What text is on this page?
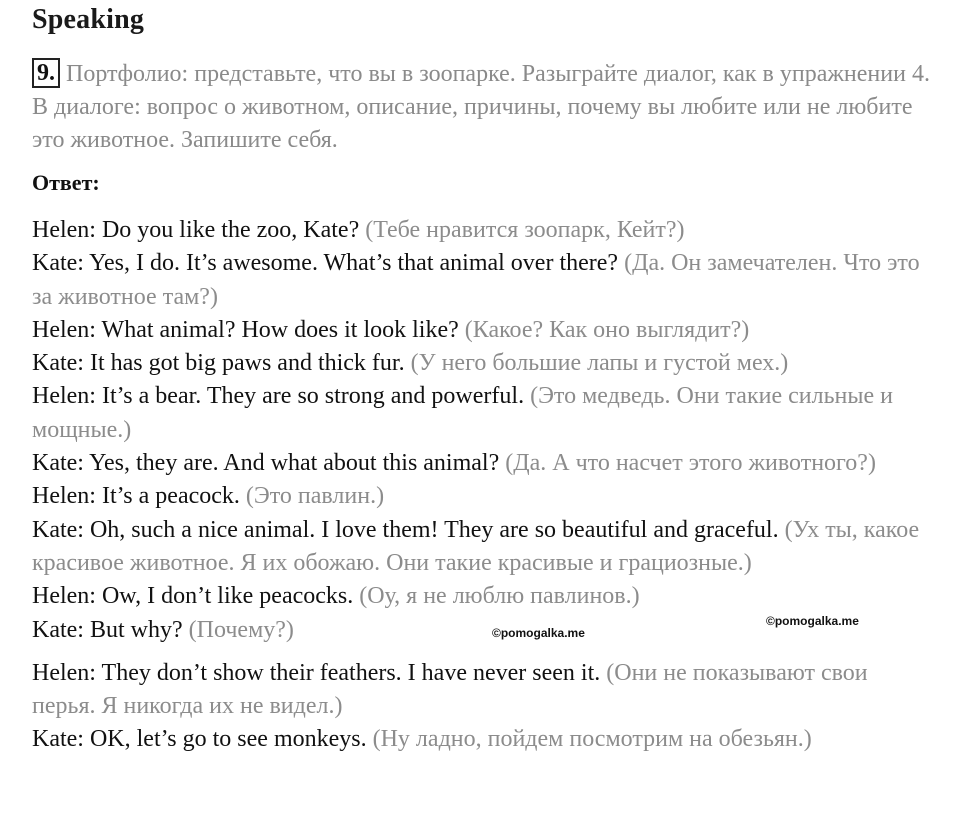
Speaking
9. Портфолио: представьте, что вы в зоопарке. Разыграйте диалог, как в упражнении 4. В диалоге: вопрос о животном, описание, причины, почему вы любите или не любите это животное. Запишите себя.
Ответ:

Helen: Do you like the zoo, Kate? (Тебе нравится зоопарк, Кейт?)

Kate: Yes, I do. It’s awesome. What’s that animal over there? (Да. Он замечателен. Что это за животное там?)

Helen: What animal? How does it look like? (Какое? Как оно выглядит?)

Kate: It has got big paws and thick fur. (У него большие лапы и густой мех.)

Helen: It’s a bear. They are so strong and powerful. (Это медведь. Они такие сильные и мощные.)

Kate: Yes, they are. And what about this animal? (Да. А что насчет этого животного?)

Helen: It’s a peacock. (Это павлин.)

Kate: Oh, such a nice animal. I love them! They are so beautiful and graceful. (Ух ты, какое красивое животное. Я их обожаю. Они такие красивые и грациозные.)

Helen: Ow, I don’t like peacocks. (Оу, я не люблю павлинов.)

Kate: But why? (Почему?)

Helen: They don’t show their feathers. I have never seen it. (Они не показывают свои перья. Я никогда их не видел.)

Kate: OK, let’s go to see monkeys. (Ну ладно, пойдем посмотрим на обезьян.)

©pomogalka.me
©pomogalka.me
